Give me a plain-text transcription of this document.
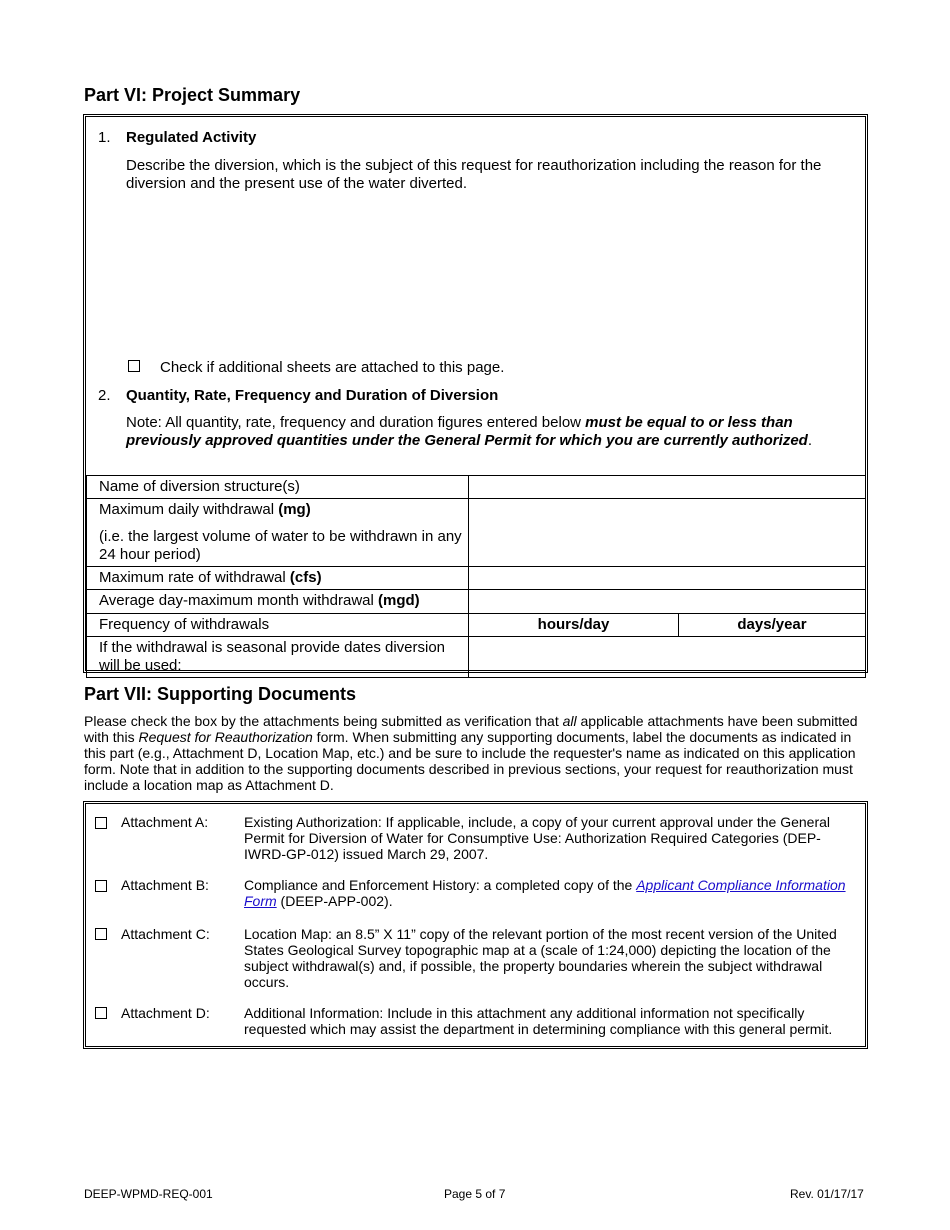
Part VI: Project Summary
1. Regulated Activity
Describe the diversion, which is the subject of this request for reauthorization including the reason for the diversion and the present use of the water diverted.
Check if additional sheets are attached to this page.
2. Quantity, Rate, Frequency and Duration of Diversion
Note: All quantity, rate, frequency and duration figures entered below must be equal to or less than previously approved quantities under the General Permit for which you are currently authorized.
Name of diversion structure(s)		

Maximum daily withdrawal (mg)
(i.e. the largest volume of water to be withdrawn in any 24 hour period)		

Maximum rate of withdrawal (cfs)		
Average day-maximum month withdrawal (mgd)		
Frequency of withdrawals	hours/day	days/year
If the withdrawal is seasonal provide dates diversion will be used:		
Part VII: Supporting Documents
Please check the box by the attachments being submitted as verification that all applicable attachments have been submitted with this Request for Reauthorization form. When submitting any supporting documents, label the documents as indicated in this part (e.g., Attachment D, Location Map, etc.) and be sure to include the requester's name as indicated on this application form. Note that in addition to the supporting documents described in previous sections, your request for reauthorization must include a location map as Attachment D.
Attachment A:	Existing Authorization: If applicable, include, a copy of your current approval under the General Permit for Diversion of Water for Consumptive Use: Authorization Required Categories (DEP-IWRD-GP-012) issued March 29, 2007.
Attachment B:	Compliance and Enforcement History: a completed copy of the Applicant Compliance Information Form (DEEP-APP-002).
Attachment C: Location Map: an 8.5” X 11” copy of the relevant portion of the most recent version of the United States Geological Survey topographic map at a (scale of 1:24,000) depicting the location of the subject withdrawal(s) and, if possible, the property boundaries wherein the subject withdrawal occurs.
Attachment D: Additional Information: Include in this attachment any additional information not specifically requested which may assist the department in determining compliance with this general permit.
DEEP-WPMD-REQ-001	Page 5 of 7	Rev. 01/17/17
